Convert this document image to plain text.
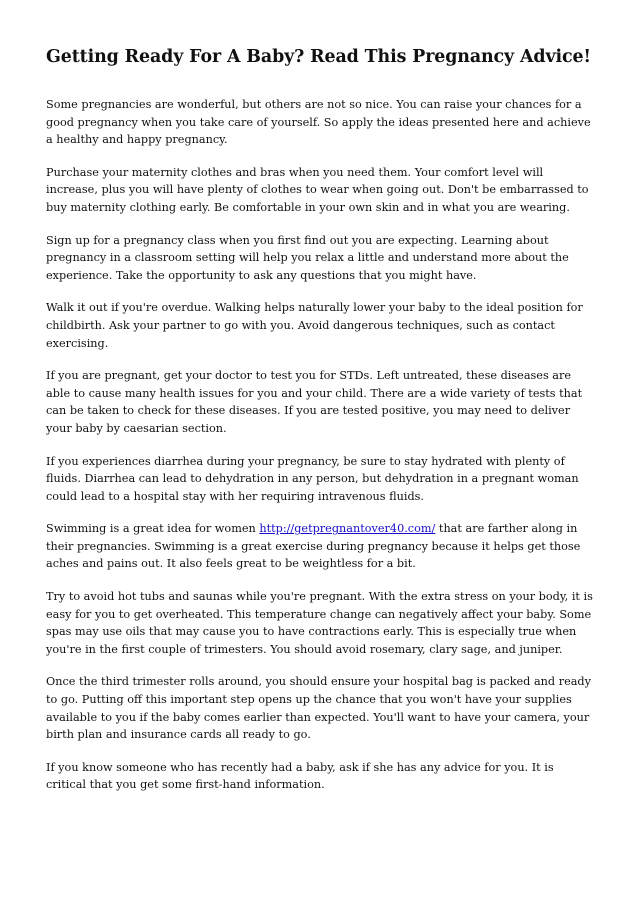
Getting Ready For A Baby? Read This Pregnancy Advice!

Some pregnancies are wonderful, but others are not so nice. You can raise your chances for a good pregnancy when you take care of yourself. So apply the ideas presented here and achieve a healthy and happy pregnancy.

Purchase your maternity clothes and bras when you need them. Your comfort level will increase, plus you will have plenty of clothes to wear when going out. Don't be embarrassed to buy maternity clothing early. Be comfortable in your own skin and in what you are wearing.

Sign up for a pregnancy class when you first find out you are expecting. Learning about pregnancy in a classroom setting will help you relax a little and understand more about the experience. Take the opportunity to ask any questions that you might have.

Walk it out if you're overdue. Walking helps naturally lower your baby to the ideal position for childbirth. Ask your partner to go with you. Avoid dangerous techniques, such as contact exercising.

If you are pregnant, get your doctor to test you for STDs. Left untreated, these diseases are able to cause many health issues for you and your child. There are a wide variety of tests that can be taken to check for these diseases. If you are tested positive, you may need to deliver your baby by caesarian section.

If you experiences diarrhea during your pregnancy, be sure to stay hydrated with plenty of fluids. Diarrhea can lead to dehydration in any person, but dehydration in a pregnant woman could lead to a hospital stay with her requiring intravenous fluids.

Swimming is a great idea for women http://getpregnantover40.com/ that are farther along in their pregnancies. Swimming is a great exercise during pregnancy because it helps get those aches and pains out. It also feels great to be weightless for a bit.

Try to avoid hot tubs and saunas while you're pregnant. With the extra stress on your body, it is easy for you to get overheated. This temperature change can negatively affect your baby. Some spas may use oils that may cause you to have contractions early. This is especially true when you're in the first couple of trimesters. You should avoid rosemary, clary sage, and juniper.

Once the third trimester rolls around, you should ensure your hospital bag is packed and ready to go. Putting off this important step opens up the chance that you won't have your supplies available to you if the baby comes earlier than expected. You'll want to have your camera, your birth plan and insurance cards all ready to go.

If you know someone who has recently had a baby, ask if she has any advice for you. It is critical that you get some first-hand information.
